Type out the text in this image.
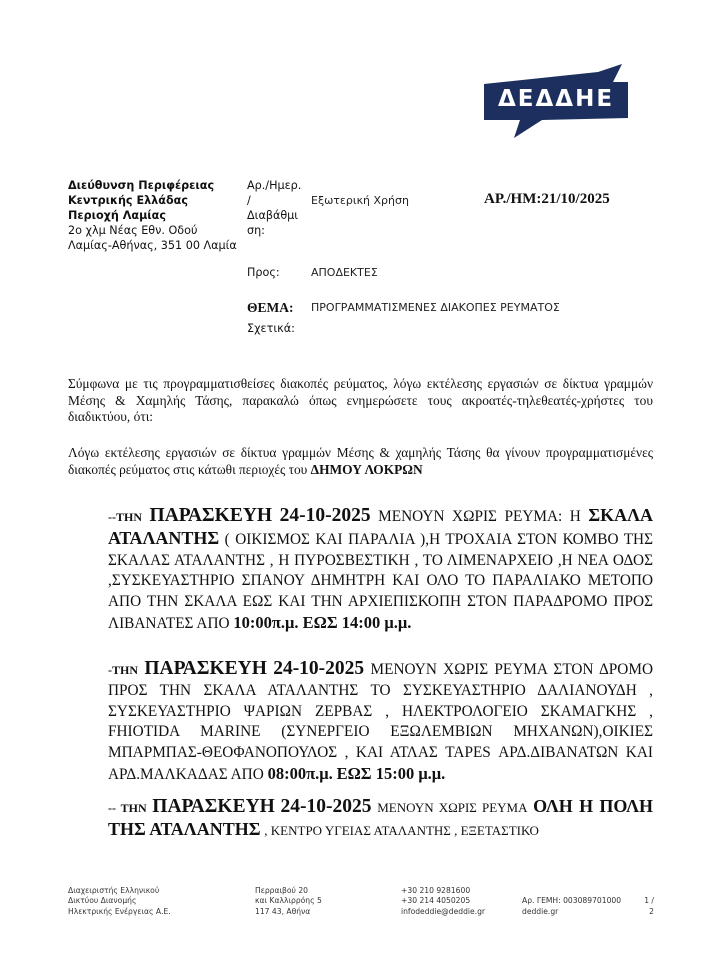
ΔΕΔΔΗΕ
Διεύθυνση Περιφέρειας
Κεντρικής Ελλάδας
Περιοχή Λαμίας
2ο χλμ Νέας Εθν. Οδού
Λαμίας-Αθήνας, 351 00 Λαμία
Αρ./Ημερ.
/
Διαβάθμι
ση:
Εξωτερική Χρήση	ΑΡ./ΗΜ:21/10/2025
Προς:	ΑΠΟΔΕΚΤΕΣ
ΘΕΜΑ: ΠΡΟΓΡΑΜΜΑΤΙΣΜΕΝΕΣ ΔΙΑΚΟΠΕΣ ΡΕΥΜΑΤΟΣ
Σχετικά:
Σύμφωνα με τις προγραμματισθείσες διακοπές ρεύματος, λόγω εκτέλεσης εργασιών σε δίκτυα γραμμών Μέσης & Χαμηλής Τάσης, παρακαλώ όπως ενημερώσετε τους ακροατές-τηλεθεατές-χρήστες του διαδικτύου, ότι:
Λόγω εκτέλεσης εργασιών σε δίκτυα γραμμών Μέσης & χαμηλής Τάσης θα γίνουν προγραμματισμένες διακοπές ρεύματος στις κάτωθι περιοχές του ΔΗΜΟΥ ΛΟΚΡΩΝ
--ΤΗΝ ΠΑΡΑΣΚΕΥΗ 24-10-2025 ΜΕΝΟΥΝ ΧΩΡΙΣ ΡΕΥΜΑ: Η ΣΚΑΛΑ ΑΤΑΛΑΝΤΗΣ ( ΟΙΚΙΣΜΟΣ ΚΑΙ ΠΑΡΑΛΙΑ ),Η ΤΡΟΧΑΙΑ ΣΤΟΝ ΚΟΜΒΟ ΤΗΣ ΣΚΑΛΑΣ ΑΤΑΛΑΝΤΗΣ , Η ΠΥΡΟΣΒΕΣΤΙΚΗ , ΤΟ ΛΙΜΕΝΑΡΧΕΙΟ ,Η ΝΕΑ ΟΔΟΣ ,ΣΥΣΚΕΥΑΣΤΗΡΙΟ ΣΠΑΝΟΥ ΔΗΜΗΤΡΗ ΚΑΙ ΟΛΟ ΤΟ ΠΑΡΑΛΙΑΚΟ ΜΕΤΟΠΟ ΑΠΟ ΤΗΝ ΣΚΑΛΑ ΕΩΣ ΚΑΙ ΤΗΝ ΑΡΧΙΕΠΙΣΚΟΠΗ ΣΤΟΝ ΠΑΡΑΔΡΟΜΟ ΠΡΟΣ ΛΙΒΑΝΑΤΕΣ ΑΠΟ 10:00π.μ. ΕΩΣ 14:00 μ.μ.
-ΤΗΝ ΠΑΡΑΣΚΕΥΗ 24-10-2025 ΜΕΝΟΥΝ ΧΩΡΙΣ ΡΕΥΜΑ ΣΤΟΝ ΔΡΟΜΟ ΠΡΟΣ ΤΗΝ ΣΚΑΛΑ ΑΤΑΛΑΝΤΗΣ ΤΟ ΣΥΣΚΕΥΑΣΤΗΡΙΟ ΔΑΛΙΑΝΟΥΔΗ , ΣΥΣΚΕΥΑΣΤΗΡΙΟ ΨΑΡΙΩΝ ΖΕΡΒΑΣ , ΗΛΕΚΤΡΟΛΟΓΕΙΟ ΣΚΑΜΑΓΚΗΣ , FHIOTIDA MARINE (ΣΥΝΕΡΓΕΙΟ ΕΞΩΛΕΜΒΙΩΝ ΜΗΧΑΝΩΝ),ΟΙΚΙΕΣ ΜΠΑΡΜΠΑΣ-ΘΕΟΦΑΝΟΠΟΥΛΟΣ , ΚΑΙ ΑΤΛΑΣ TAPES ΑΡΔ.ΔΙΒΑΝΑΤΩΝ ΚΑΙ ΑΡΔ.ΜΑΛΚΑΔΑΣ ΑΠΟ 08:00π.μ. ΕΩΣ 15:00 μ.μ.
-- ΤΗΝ ΠΑΡΑΣΚΕΥΗ 24-10-2025 ΜΕΝΟΥΝ ΧΩΡΙΣ ΡΕΥΜΑ ΟΛΗ Η ΠΟΛΗ ΤΗΣ ΑΤΑΛΑΝΤΗΣ , ΚΕΝΤΡΟ ΥΓΕΙΑΣ ΑΤΑΛΑΝΤΗΣ , ΕΞΕΤΑΣΤΙΚΟ
Διαχειριστής Ελληνικού
Δικτύου Διανομής
Ηλεκτρικής Ενέργειας Α.Ε.
Περραιβού 20
και Καλλιρρόης 5
117 43, Αθήνα
+30 210 9281600
+30 214 4050205
infodeddie@deddie.gr
Αρ. ΓΕΜΗ: 003089701000
deddie.gr
1 /
2
